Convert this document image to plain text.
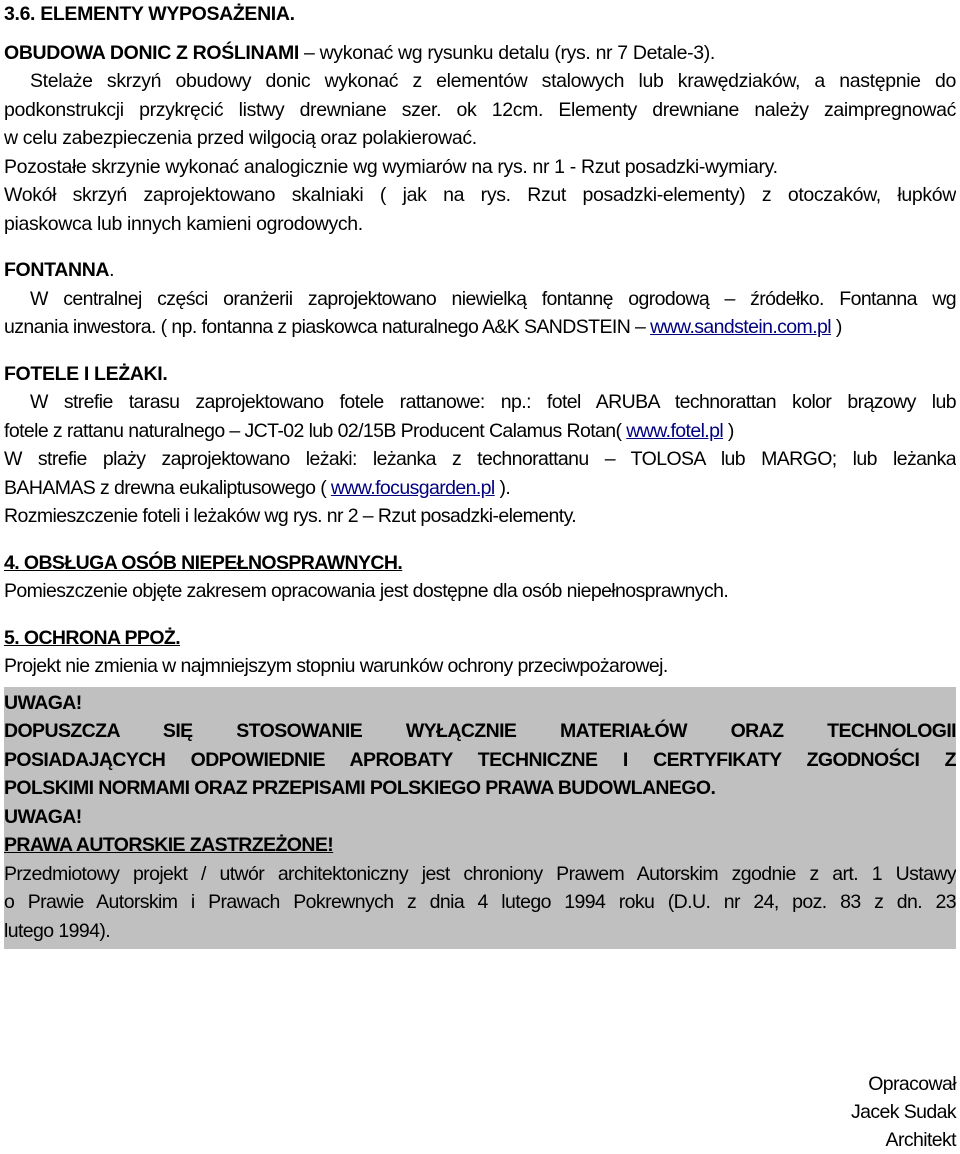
3.6. ELEMENTY WYPOSAŻENIA.
OBUDOWA DONIC Z ROŚLINAMI – wykonać wg rysunku detalu (rys. nr 7 Detale-3).
Stelaże skrzyń obudowy donic wykonać z elementów stalowych lub krawędziaków, a następnie do
podkonstrukcji przykręcić listwy drewniane szer. ok 12cm. Elementy drewniane należy zaimpregnować
w celu zabezpieczenia przed wilgocią oraz polakierować.
Pozostałe skrzynie wykonać analogicznie wg wymiarów na rys. nr 1 - Rzut posadzki-wymiary.
Wokół skrzyń zaprojektowano skalniaki ( jak na rys. Rzut posadzki-elementy) z otoczaków, łupków
piaskowca lub innych kamieni ogrodowych.
FONTANNA.
W centralnej części oranżerii zaprojektowano niewielką fontannę ogrodową – źródełko. Fontanna wg
uznania inwestora. ( np. fontanna z piaskowca naturalnego A&K SANDSTEIN – www.sandstein.com.pl )
FOTELE I LEŻAKI.
W strefie tarasu zaprojektowano fotele rattanowe: np.: fotel ARUBA technorattan kolor brązowy lub
fotele z rattanu naturalnego – JCT-02 lub 02/15B Producent Calamus Rotan( www.fotel.pl )
W strefie plaży zaprojektowano leżaki: leżanka z technorattanu – TOLOSA lub MARGO; lub leżanka
BAHAMAS z drewna eukaliptusowego ( www.focusgarden.pl ).
Rozmieszczenie foteli i leżaków wg rys. nr 2 – Rzut posadzki-elementy.
4. OBSŁUGA OSÓB NIEPEŁNOSPRAWNYCH.
Pomieszczenie objęte zakresem opracowania jest dostępne dla osób niepełnosprawnych.
5. OCHRONA PPOŻ.
Projekt nie zmienia w najmniejszym stopniu warunków ochrony przeciwpożarowej.
UWAGA!
DOPUSZCZA SIĘ STOSOWANIE WYŁĄCZNIE MATERIAŁÓW ORAZ TECHNOLOGII
POSIADAJĄCYCH ODPOWIEDNIE APROBATY TECHNICZNE I CERTYFIKATY ZGODNOŚCI Z
POLSKIMI NORMAMI ORAZ PRZEPISAMI POLSKIEGO PRAWA BUDOWLANEGO.
UWAGA!
PRAWA AUTORSKIE ZASTRZEŻONE!
Przedmiotowy projekt / utwór architektoniczny jest chroniony Prawem Autorskim zgodnie z art. 1 Ustawy
o Prawie Autorskim i Prawach Pokrewnych z dnia 4 lutego 1994 roku (D.U. nr 24, poz. 83 z dn. 23
lutego 1994).
Opracował
Jacek Sudak
Architekt
